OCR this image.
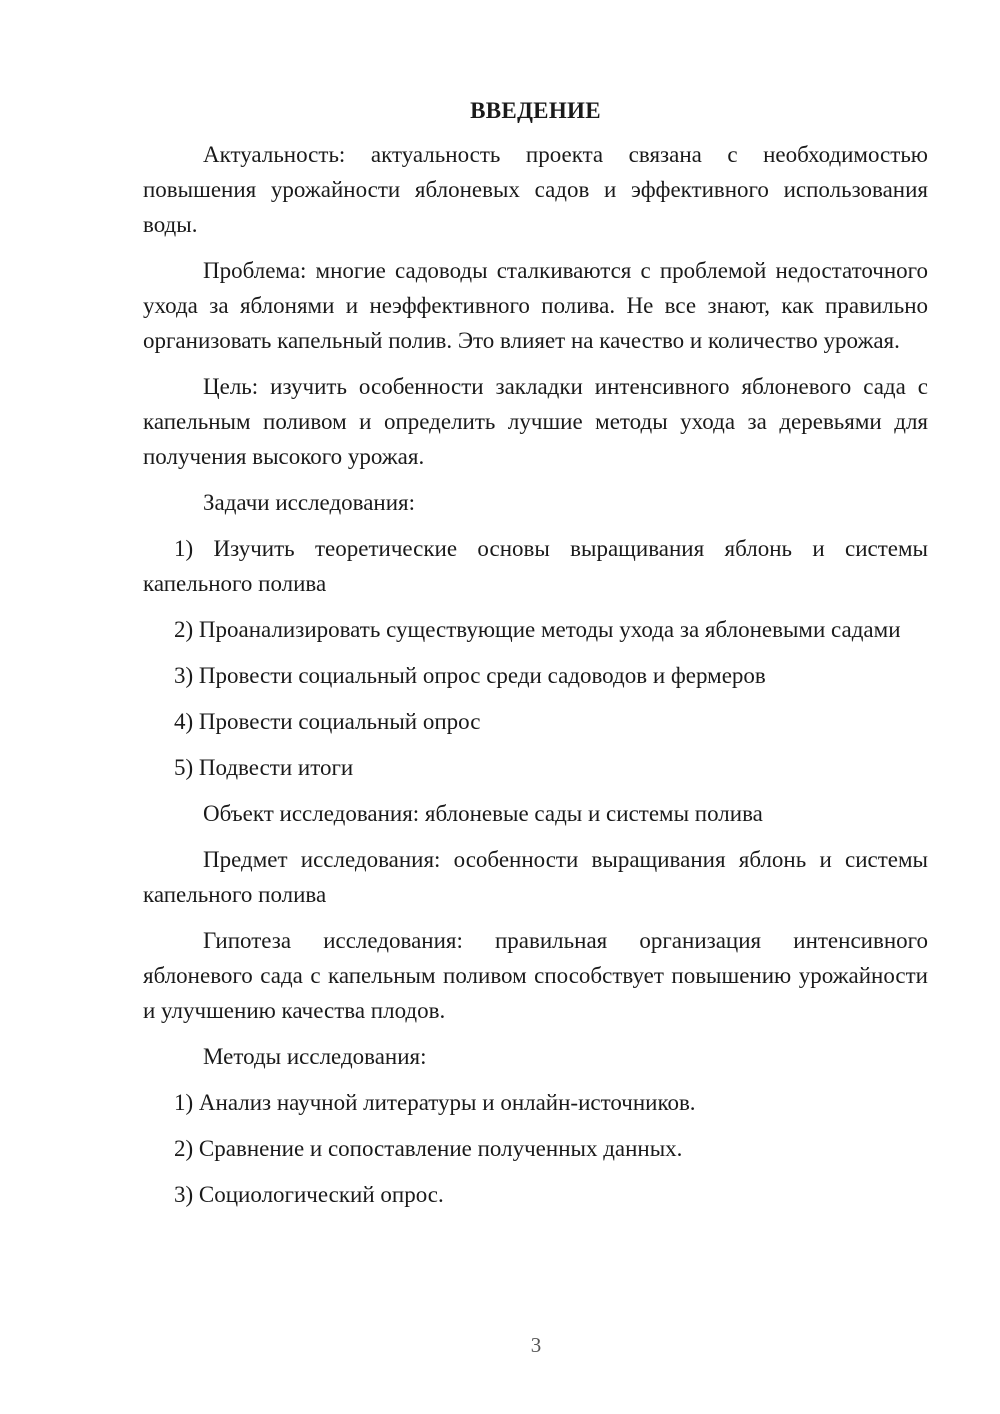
ВВЕДЕНИЕ

Актуальность: актуальность проекта связана с необходимостью повышения урожайности яблоневых садов и эффективного использования воды.

Проблема: многие садоводы сталкиваются с проблемой недостаточного ухода за яблонями и неэффективного полива. Не все знают, как правильно организовать капельный полив. Это влияет на качество и количество урожая.

Цель: изучить особенности закладки интенсивного яблоневого сада с капельным поливом и определить лучшие методы ухода за деревьями для получения высокого урожая.

Задачи исследования:

1) Изучить теоретические основы выращивания яблонь и системы капельного полива

2) Проанализировать существующие методы ухода за яблоневыми садами

3) Провести социальный опрос среди садоводов и фермеров

4) Провести социальный опрос

5) Подвести итоги

Объект исследования: яблоневые сады и системы полива

Предмет исследования: особенности выращивания яблонь и системы капельного полива

Гипотеза исследования: правильная организация интенсивного яблоневого сада с капельным поливом способствует повышению урожайности и улучшению качества плодов.

Методы исследования:

1) Анализ научной литературы и онлайн-источников.

2) Сравнение и сопоставление полученных данных.

3) Социологический опрос.

3
